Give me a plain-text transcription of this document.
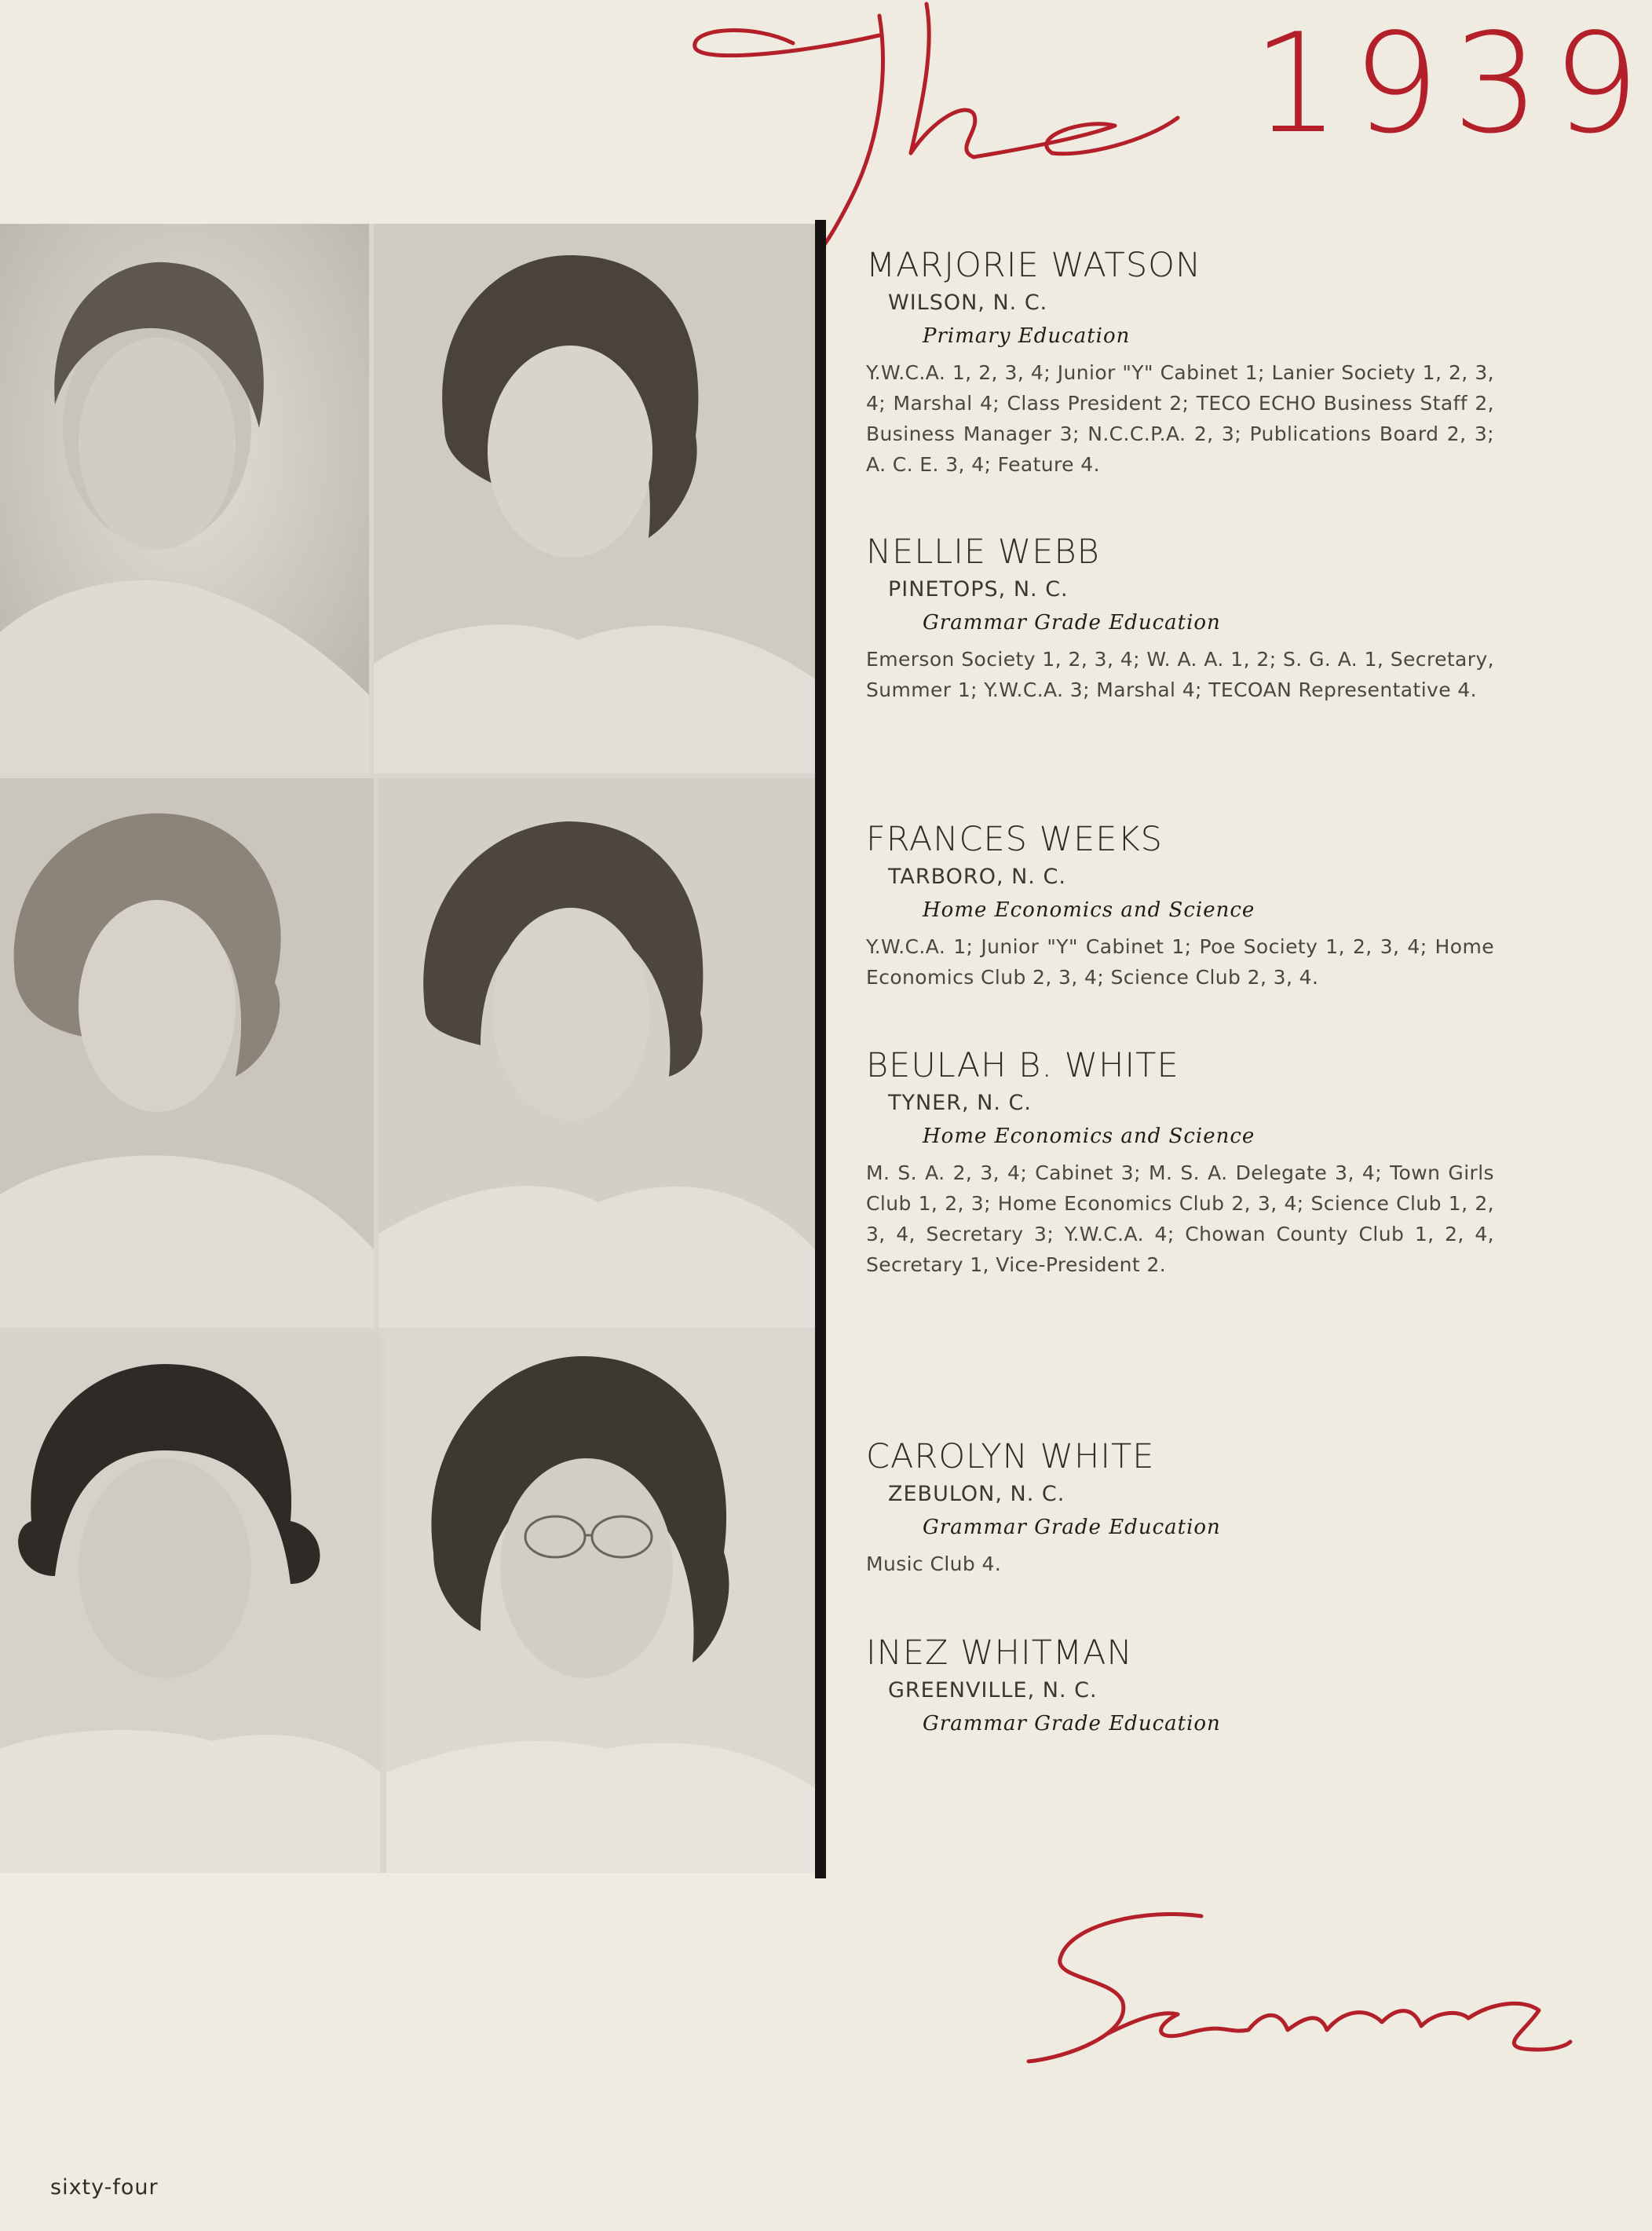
1939
MARJORIE WATSON
WILSON, N. C.
Primary Education
Y.W.C.A. 1, 2, 3, 4; Junior "Y" Cabinet 1; Lanier Society 1, 2, 3, 4; Marshal 4; Class President 2; TECO ECHO Business Staff 2, Business Manager 3; N.C.C.P.A. 2, 3; Publications Board 2, 3; A. C. E. 3, 4; Feature 4.
NELLIE WEBB
PINETOPS, N. C.
Grammar Grade Education
Emerson Society 1, 2, 3, 4; W. A. A. 1, 2; S. G. A. 1, Secretary, Summer 1; Y.W.C.A. 3; Marshal 4; TECOAN Representative 4.
FRANCES WEEKS
TARBORO, N. C.
Home Economics and Science
Y.W.C.A. 1; Junior "Y" Cabinet 1; Poe Society 1, 2, 3, 4; Home Economics Club 2, 3, 4; Science Club 2, 3, 4.
BEULAH B. WHITE
TYNER, N. C.
Home Economics and Science
M. S. A. 2, 3, 4; Cabinet 3; M. S. A. Delegate 3, 4; Town Girls Club 1, 2, 3; Home Economics Club 2, 3, 4; Science Club 1, 2, 3, 4, Secretary 3; Y.W.C.A. 4; Chowan County Club 1, 2, 4, Secretary 1, Vice-President 2.
CAROLYN WHITE
ZEBULON, N. C.
Grammar Grade Education
Music Club 4.
INEZ WHITMAN
GREENVILLE, N. C.
Grammar Grade Education
sixty-four
